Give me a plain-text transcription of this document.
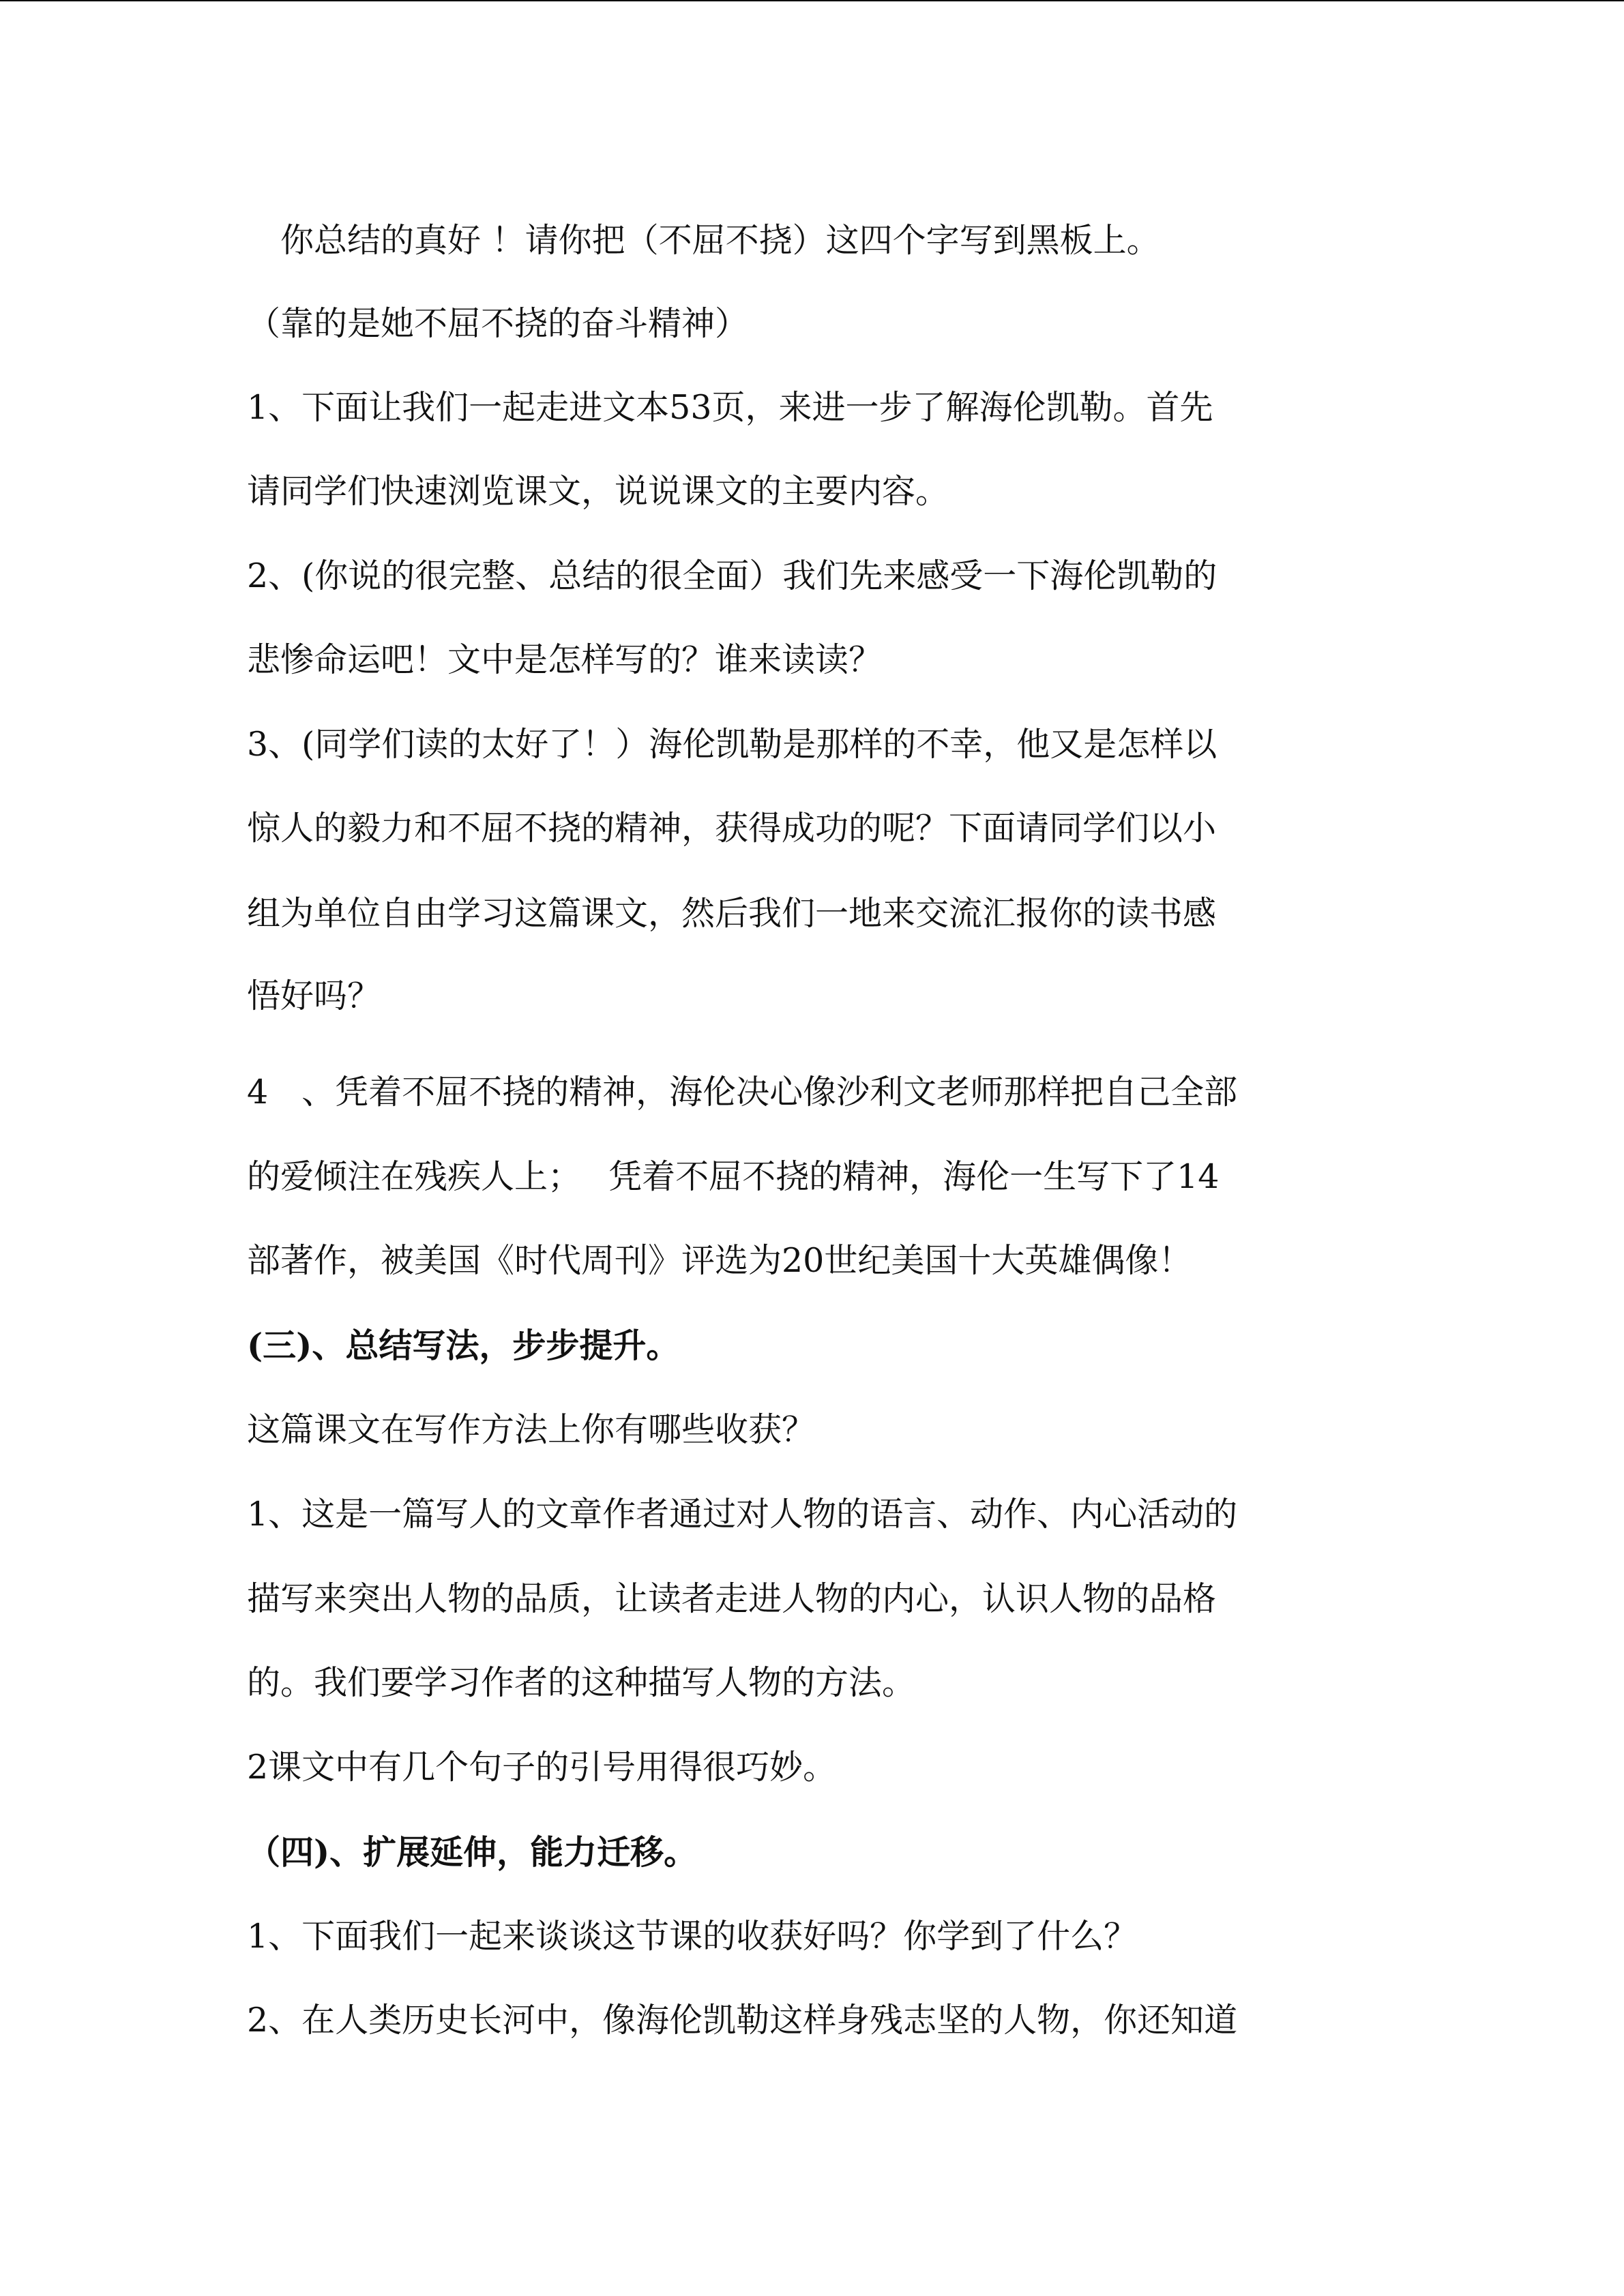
　你总结的真好 ！请你把（不屈不挠）这四个字写到黑板上。
（靠的是她不屈不挠的奋斗精神）
1、下面让我们一起走进文本53页，来进一步了解海伦凯勒。首先
请同学们快速浏览课文，说说课文的主要内容。
2、(你说的很完整、总结的很全面）我们先来感受一下海伦凯勒的
悲惨命运吧！文中是怎样写的？谁来读读？
3、(同学们读的太好了！）海伦凯勒是那样的不幸，他又是怎样以
惊人的毅力和不屈不挠的精神，获得成功的呢？下面请同学们以小
组为单位自由学习这篇课文，然后我们一地来交流汇报你的读书感
悟好吗？
4　、凭着不屈不挠的精神，海伦决心像沙利文老师那样把自己全部
的爱倾注在残疾人上；　 凭着不屈不挠的精神，海伦一生写下了14
部著作，被美国《时代周刊》评选为20世纪美国十大英雄偶像！
(三)、总结写法，步步提升。
这篇课文在写作方法上你有哪些收获？
1、这是一篇写人的文章作者通过对人物的语言、动作、内心活动的
描写来突出人物的品质，让读者走进人物的内心，认识人物的品格
的。我们要学习作者的这种描写人物的方法。
2课文中有几个句子的引号用得很巧妙。
（四)、扩展延伸，能力迁移。
1、下面我们一起来谈谈这节课的收获好吗？你学到了什么？
2、在人类历史长河中，像海伦凯勒这样身残志坚的人物，你还知道
